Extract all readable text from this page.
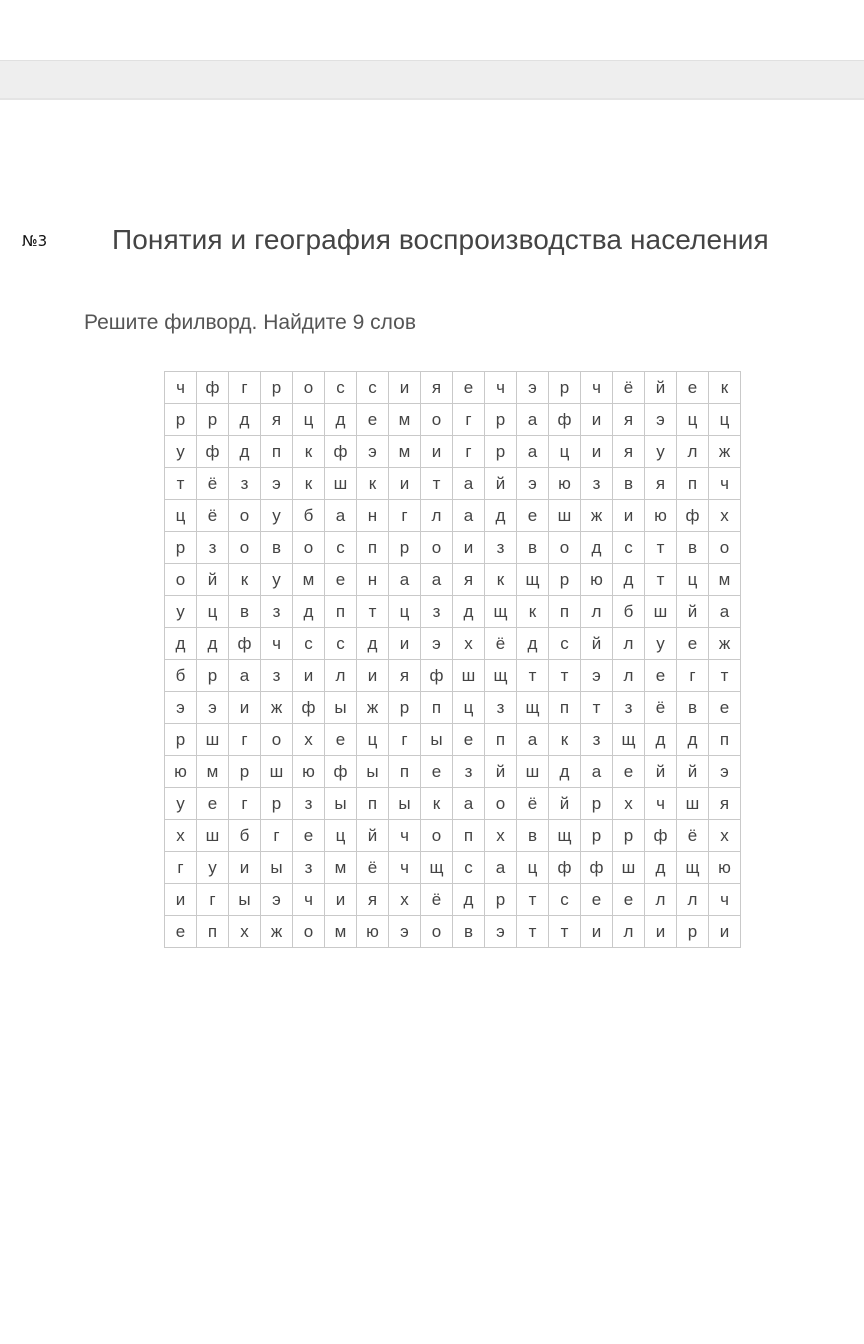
№3 Понятия и география воспроизводства населения
Решите филворд. Найдите 9 слов
ч	ф	г	р	о	с	с	и	я	е	ч	э	р	ч	ё	й	е	к
р	р	д	я	ц	д	е	м	о	г	р	а	ф	и	я	э	ц	ц
у	ф	д	п	к	ф	э	м	и	г	р	а	ц	и	я	у	л	ж
т	ё	з	э	к	ш	к	и	т	а	й	э	ю	з	в	я	п	ч
ц	ё	о	у	б	а	н	г	л	а	д	е	ш	ж	и	ю	ф	х
р	з	о	в	о	с	п	р	о	и	з	в	о	д	с	т	в	о
о	й	к	у	м	е	н	а	а	я	к	щ	р	ю	д	т	ц	м
у	ц	в	з	д	п	т	ц	з	д	щ	к	п	л	б	ш	й	а
д	д	ф	ч	с	с	д	и	э	х	ё	д	с	й	л	у	е	ж
б	р	а	з	и	л	и	я	ф	ш	щ	т	т	э	л	е	г	т
э	э	и	ж	ф	ы	ж	р	п	ц	з	щ	п	т	з	ё	в	е
р	ш	г	о	х	е	ц	г	ы	е	п	а	к	з	щ	д	д	п
ю	м	р	ш	ю	ф	ы	п	е	з	й	ш	д	а	е	й	й	э
у	е	г	р	з	ы	п	ы	к	а	о	ё	й	р	х	ч	ш	я
х	ш	б	г	е	ц	й	ч	о	п	х	в	щ	р	р	ф	ё	х
г	у	и	ы	з	м	ё	ч	щ	с	а	ц	ф	ф	ш	д	щ	ю
и	г	ы	э	ч	и	я	х	ё	д	р	т	с	е	е	л	л	ч
е	п	х	ж	о	м	ю	э	о	в	э	т	т	и	л	и	р	и
